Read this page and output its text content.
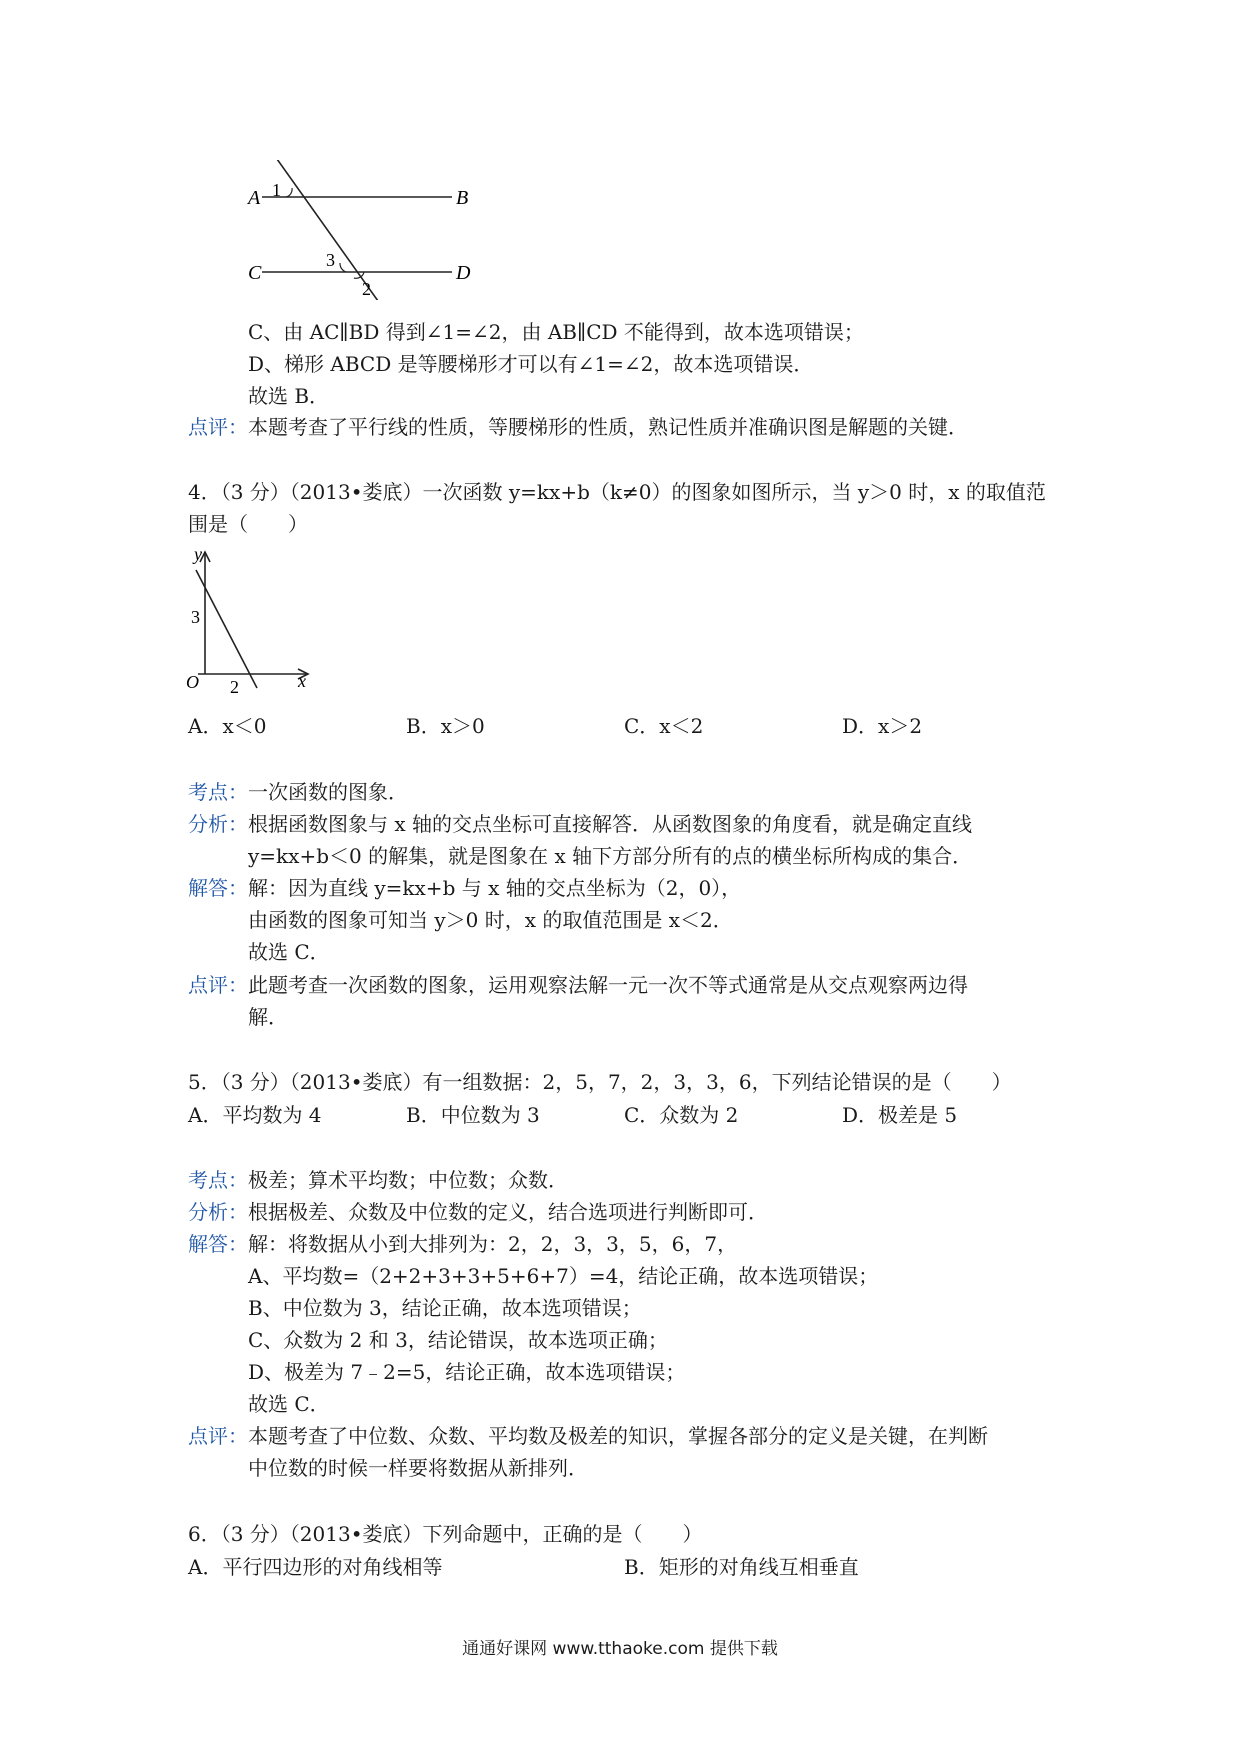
A	B
C	D
1
3
2
C、由 AC∥BD 得到∠1=∠2，由 AB∥CD 不能得到，故本选项错误；
D、梯形 ABCD 是等腰梯形才可以有∠1=∠2，故本选项错误．
故选 B．
点评：本题考查了平行线的性质，等腰梯形的性质，熟记性质并准确识图是解题的关键．
4．（3 分）（2013•娄底）一次函数 y=kx+b（k≠0）的图象如图所示，当 y＞0 时，x 的取值范
围是（　　）
y
x
O
3
2
A．x＜0	B．x＞0	C．x＜2	D．x＞2
考点：一次函数的图象．
分析：根据函数图象与 x 轴的交点坐标可直接解答．从函数图象的角度看，就是确定直线
y=kx+b＜0 的解集，就是图象在 x 轴下方部分所有的点的横坐标所构成的集合．
解答：解：因为直线 y=kx+b 与 x 轴的交点坐标为（2，0），
由函数的图象可知当 y＞0 时，x 的取值范围是 x＜2．
故选 C．
点评：此题考查一次函数的图象，运用观察法解一元一次不等式通常是从交点观察两边得
解．
5．（3 分）（2013•娄底）有一组数据：2，5，7，2，3，3，6，下列结论错误的是（　　）
A．平均数为 4	B．中位数为 3	C．众数为 2	D．极差是 5
考点：极差；算术平均数；中位数；众数．
分析：根据极差、众数及中位数的定义，结合选项进行判断即可．
解答：解：将数据从小到大排列为：2，2，3，3，5，6，7，
A、平均数=（2+2+3+3+5+6+7）=4，结论正确，故本选项错误；
B、中位数为 3，结论正确，故本选项错误；
C、众数为 2 和 3，结论错误，故本选项正确；
D、极差为 7﹣2=5，结论正确，故本选项错误；
故选 C．
点评：本题考查了中位数、众数、平均数及极差的知识，掌握各部分的定义是关键，在判断
中位数的时候一样要将数据从新排列．
6．（3 分）（2013•娄底）下列命题中，正确的是（　　）
A．平行四边形的对角线相等	B．矩形的对角线互相垂直
通通好课网 www.tthaoke.com 提供下载
